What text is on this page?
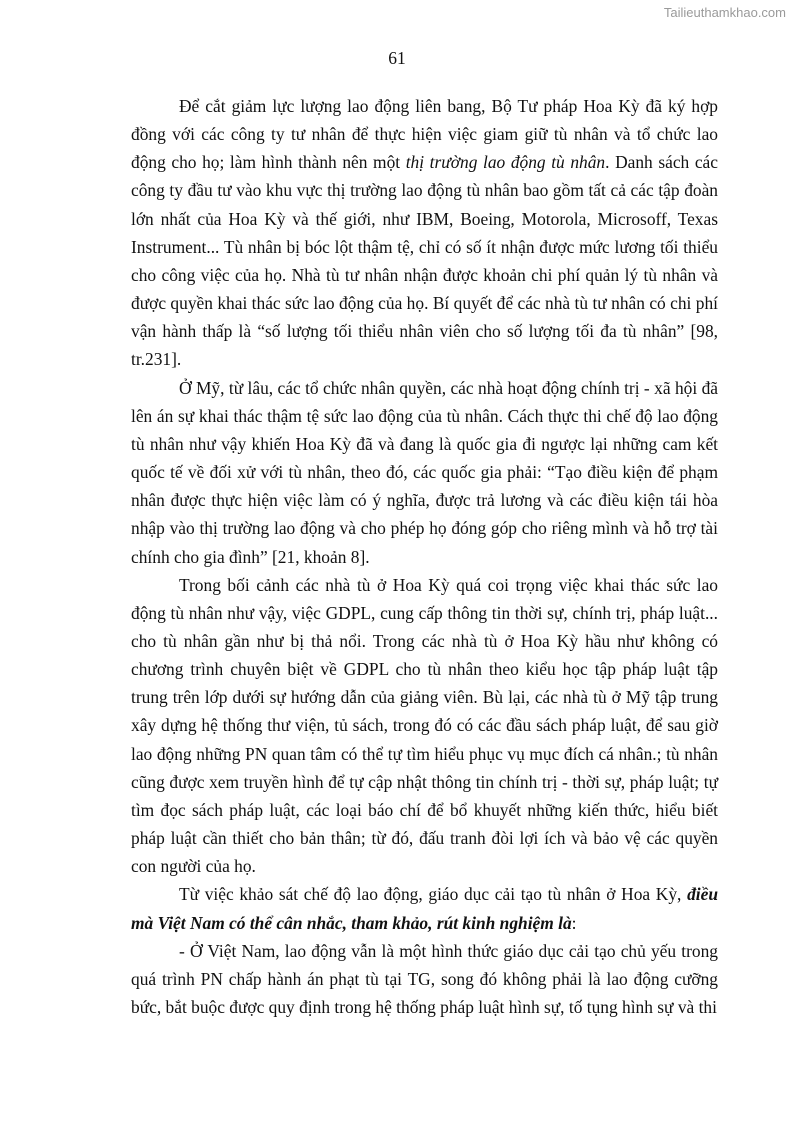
Tailieuthamkhao.com
61

Để cắt giảm lực lượng lao động liên bang, Bộ Tư pháp Hoa Kỳ đã ký hợp đồng với các công ty tư nhân để thực hiện việc giam giữ tù nhân và tổ chức lao động cho họ; làm hình thành nên một thị trường lao động tù nhân. Danh sách các công ty đầu tư vào khu vực thị trường lao động tù nhân bao gồm tất cả các tập đoàn lớn nhất của Hoa Kỳ và thế giới, như IBM, Boeing, Motorola, Microsoff, Texas Instrument... Tù nhân bị bóc lột thậm tệ, chỉ có số ít nhận được mức lương tối thiểu cho công việc của họ. Nhà tù tư nhân nhận được khoản chi phí quản lý tù nhân và được quyền khai thác sức lao động của họ. Bí quyết để các nhà tù tư nhân có chi phí vận hành thấp là “số lượng tối thiểu nhân viên cho số lượng tối đa tù nhân” [98, tr.231].

Ở Mỹ, từ lâu, các tổ chức nhân quyền, các nhà hoạt động chính trị - xã hội đã lên án sự khai thác thậm tệ sức lao động của tù nhân. Cách thực thi chế độ lao động tù nhân như vậy khiến Hoa Kỳ đã và đang là quốc gia đi ngược lại những cam kết quốc tế về đối xử với tù nhân, theo đó, các quốc gia phải: “Tạo điều kiện để phạm nhân được thực hiện việc làm có ý nghĩa, được trả lương và các điều kiện tái hòa nhập vào thị trường lao động và cho phép họ đóng góp cho riêng mình và hỗ trợ tài chính cho gia đình” [21, khoản 8].

Trong bối cảnh các nhà tù ở Hoa Kỳ quá coi trọng việc khai thác sức lao động tù nhân như vậy, việc GDPL, cung cấp thông tin thời sự, chính trị, pháp luật... cho tù nhân gần như bị thả nổi. Trong các nhà tù ở Hoa Kỳ hầu như không có chương trình chuyên biệt về GDPL cho tù nhân theo kiểu học tập pháp luật tập trung trên lớp dưới sự hướng dẫn của giảng viên. Bù lại, các nhà tù ở Mỹ tập trung xây dựng hệ thống thư viện, tủ sách, trong đó có các đầu sách pháp luật, để sau giờ lao động những PN quan tâm có thể tự tìm hiểu phục vụ mục đích cá nhân.; tù nhân cũng được xem truyền hình để tự cập nhật thông tin chính trị - thời sự, pháp luật; tự tìm đọc sách pháp luật, các loại báo chí để bổ khuyết những kiến thức, hiểu biết pháp luật cần thiết cho bản thân; từ đó, đấu tranh đòi lợi ích và bảo vệ các quyền con người của họ.

Từ việc khảo sát chế độ lao động, giáo dục cải tạo tù nhân ở Hoa Kỳ, điều mà Việt Nam có thể cân nhắc, tham khảo, rút kinh nghiệm là:

- Ở Việt Nam, lao động vẫn là một hình thức giáo dục cải tạo chủ yếu trong quá trình PN chấp hành án phạt tù tại TG, song đó không phải là lao động cưỡng bức, bắt buộc được quy định trong hệ thống pháp luật hình sự, tố tụng hình sự và thi
